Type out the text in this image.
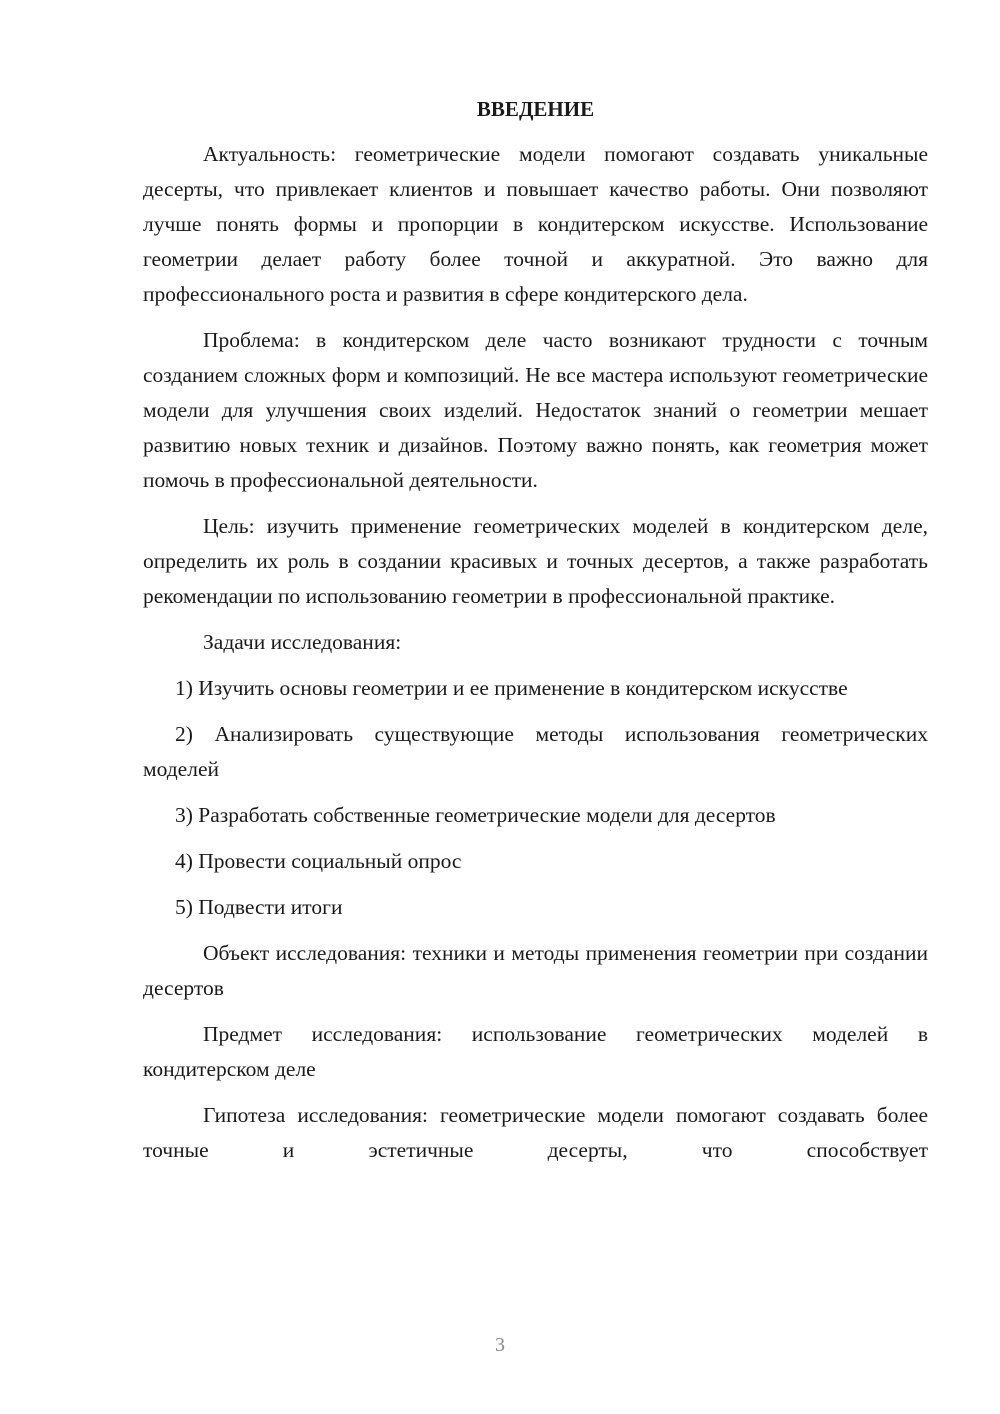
ВВЕДЕНИЕ

Актуальность: геометрические модели помогают создавать уникальные десерты, что привлекает клиентов и повышает качество работы. Они позволяют лучше понять формы и пропорции в кондитерском искусстве. Использование геометрии делает работу более точной и аккуратной. Это важно для профессионального роста и развития в сфере кондитерского дела.

Проблема: в кондитерском деле часто возникают трудности с точным созданием сложных форм и композиций. Не все мастера используют геометрические модели для улучшения своих изделий. Недостаток знаний о геометрии мешает развитию новых техник и дизайнов. Поэтому важно понять, как геометрия может помочь в профессиональной деятельности.

Цель: изучить применение геометрических моделей в кондитерском деле, определить их роль в создании красивых и точных десертов, а также разработать рекомендации по использованию геометрии в профессиональной практике.

Задачи исследования:

1) Изучить основы геометрии и ее применение в кондитерском искусстве

2) Анализировать существующие методы использования геометрических моделей

3) Разработать собственные геометрические модели для десертов

4) Провести социальный опрос

5) Подвести итоги

Объект исследования: техники и методы применения геометрии при создании десертов

Предмет исследования: использование геометрических моделей в кондитерском деле

Гипотеза исследования: геометрические модели помогают создавать более точные и эстетичные десерты, что способствует

3
